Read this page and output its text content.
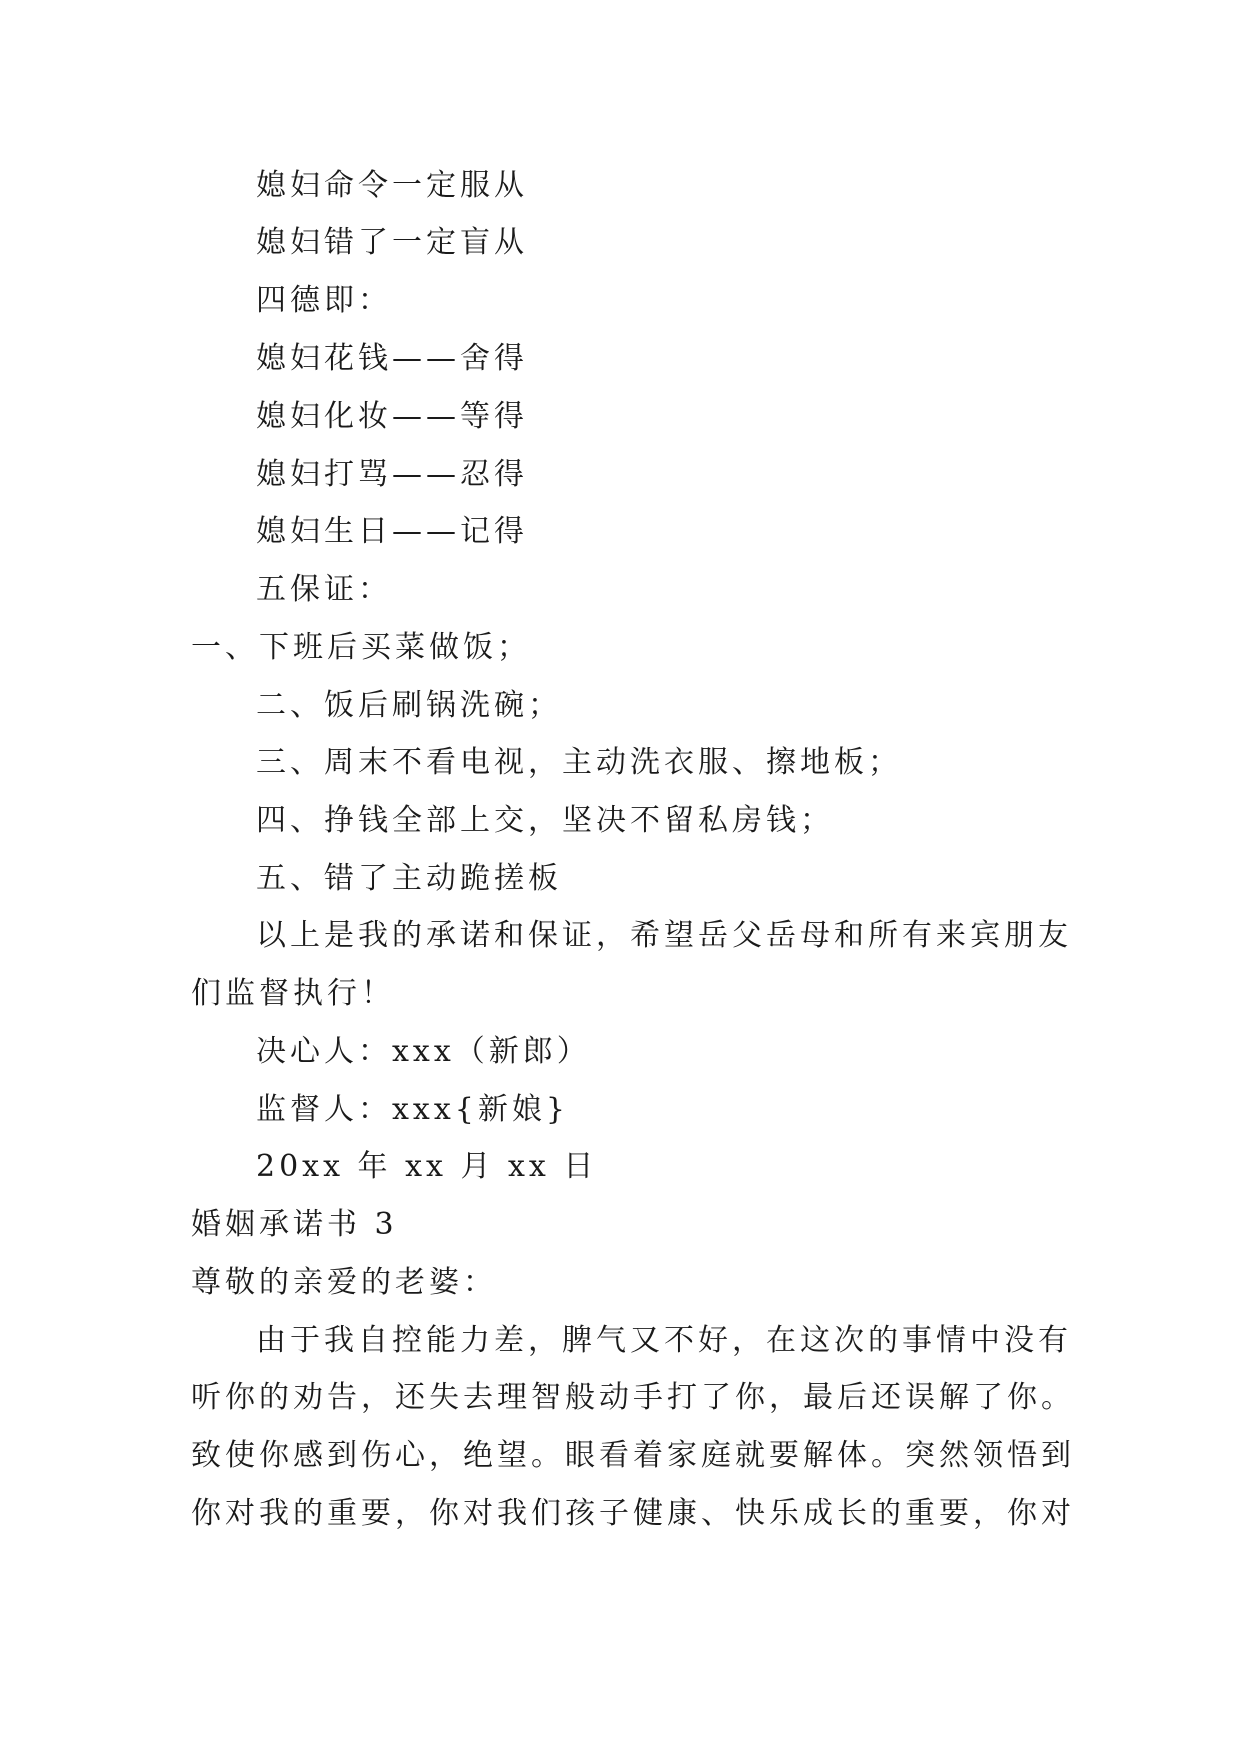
媳妇命令一定服从
媳妇错了一定盲从
四德即：
媳妇花钱——舍得
媳妇化妆——等得
媳妇打骂——忍得
媳妇生日——记得
五保证：
一、下班后买菜做饭；
二、饭后刷锅洗碗；
三、周末不看电视，主动洗衣服、擦地板；
四、挣钱全部上交，坚决不留私房钱；
五、错了主动跪搓板
以上是我的承诺和保证，希望岳父岳母和所有来宾朋友
们监督执行！
决心人：xxx（新郎）
监督人：xxx{新娘}
20xx 年 xx 月 xx 日
婚姻承诺书 3
尊敬的亲爱的老婆：
由于我自控能力差，脾气又不好，在这次的事情中没有
听你的劝告，还失去理智般动手打了你，最后还误解了你。
致使你感到伤心，绝望。眼看着家庭就要解体。突然领悟到
你对我的重要，你对我们孩子健康、快乐成长的重要，你对
